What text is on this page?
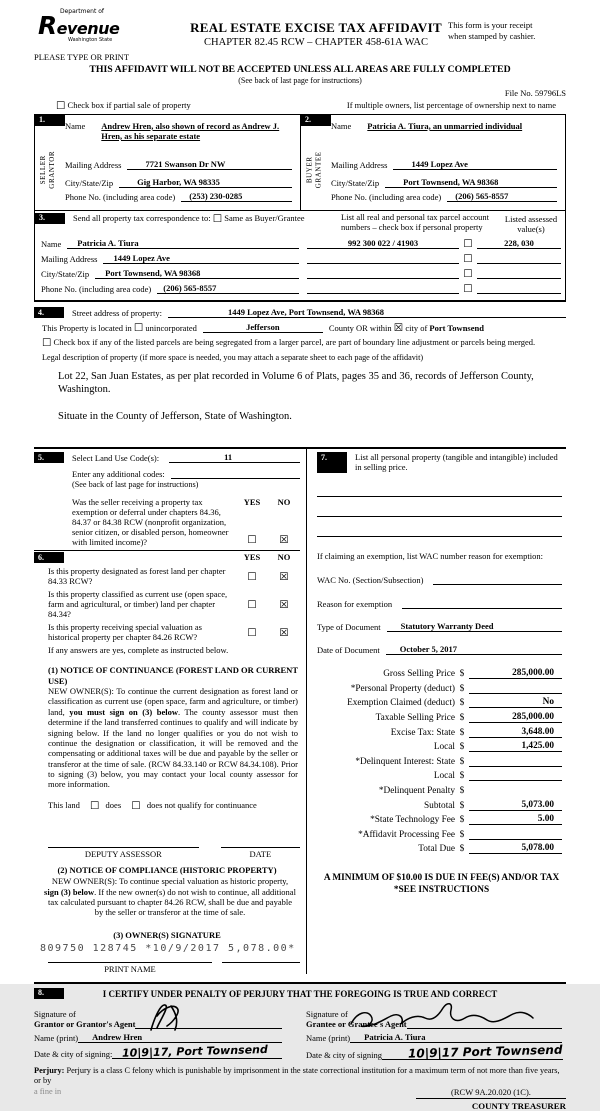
Department of
Revenue
Washington State
PLEASE TYPE OR PRINT
REAL ESTATE EXCISE TAX AFFIDAVIT
CHAPTER 82.45 RCW – CHAPTER 458-61A WAC
This form is your receipt
when stamped by cashier.
THIS AFFIDAVIT WILL NOT BE ACCEPTED UNLESS ALL AREAS ARE FULLY COMPLETED
(See back of last page for instructions)
File No. 59796LS
☐ Check box if partial sale of property	If multiple owners, list percentage of ownership next to name
1.
SELLER
GRANTOR
Name	Andrew Hren, also shown of record as Andrew J. Hren, as his separate estate
Mailing Address	7721 Swanson Dr NW
City/State/Zip	Gig Harbor, WA 98335
Phone No. (including area code)	(253) 230-0285
2.
BUYER
GRANTEE
Name	Patricia A. Tiura, an unmarried individual
Mailing Address	1449 Lopez Ave
City/State/Zip	Port Townsend, WA 98368
Phone No. (including area code)	(206) 565-8557
3.	Send all property tax correspondence to: ☐ Same as Buyer/Grantee	List all real and personal tax parcel account numbers – check box if personal property
Listed assessed value(s)
Name	Patricia A. Tiura	992 300 022 / 41903	☐	228, 030
Mailing Address	1449 Lopez Ave	☐
City/State/Zip	Port Townsend, WA 98368	☐
Phone No. (including area code)	(206) 565-8557	☐
4.	Street address of property:	1449 Lopez Ave, Port Townsend, WA 98368
This Property is located in
☐
unincorporated	Jefferson	County OR within
☒
city of
Port Townsend
☐ Check box if any of the listed parcels are being segregated from a larger parcel, are part of boundary line adjustment or parcels being merged.
Legal description of property (if more space is needed, you may attach a separate sheet to each page of the affidavit)
Lot 22, San Juan Estates, as per plat recorded in Volume 6 of Plats, pages 35 and 36, records of Jefferson County, Washington.
Situate in the County of Jefferson, State of Washington.
5.	Select Land Use Code(s):	11
Enter any additional codes:
(See back of last page for instructions)
Was the seller receiving a property tax exemption or deferral under chapters 84.36, 84.37 or 84.38 RCW (nonprofit organization, senior citizen, or disabled person, homeowner with limited income)?
YES	NO
☐	☒
6.	YES	NO
Is this property designated as forest land per chapter 84.33 RCW?	☐	☒
Is this property classified as current use (open space, farm and agricultural, or timber) land per chapter 84.34?
☐	☒
Is this property receiving special valuation as historical property per chapter 84.26 RCW?	☐	☒
If any answers are yes, complete as instructed below.
(1) NOTICE OF CONTINUANCE (FOREST LAND OR CURRENT USE)
NEW OWNER(S): To continue the current designation as forest land or classification as current use (open space, farm and agriculture, or timber) land, you must sign on (3) below. The county assessor must then determine if the land transferred continues to qualify and will indicate by signing below. If the land no longer qualifies or you do not wish to continue the designation or classification, it will be removed and the compensating or additional taxes will be due and payable by the seller or transferor at the time of sale. (RCW 84.33.140 or RCW 84.34.108). Prior to signing (3) below, you may contact your local county assessor for more information.
This land ☐ does ☐ does not qualify for continuance
DEPUTY ASSESSOR	DATE
(2) NOTICE OF COMPLIANCE (HISTORIC PROPERTY)
NEW OWNER(S): To continue special valuation as historic property, sign (3) below. If the new owner(s) do not wish to continue, all additional tax calculated pursuant to chapter 84.26 RCW, shall be due and payable by the seller or transferor at the time of sale.
(3) OWNER(S) SIGNATURE
PRINT NAME
7.	List all personal property (tangible and intangible) included in selling price.
If claiming an exemption, list WAC number reason for exemption:
WAC No. (Section/Subsection)
Reason for exemption
Type of Document	Statutory Warranty Deed
Date of Document	October 5, 2017
Gross Selling Price $	285,000.00
*Personal Property (deduct) $
Exemption Claimed (deduct) $	No
Taxable Selling Price $	285,000.00
Excise Tax: State $	3,648.00
Local $	1,425.00
*Delinquent Interest: State $
Local $
*Delinquent Penalty $
Subtotal $	5,073.00
*State Technology Fee $	5.00
*Affidavit Processing Fee $
Total Due $	5,078.00
A MINIMUM OF $10.00 IS DUE IN FEE(S) AND/OR TAX
*SEE INSTRUCTIONS
8.	I CERTIFY UNDER PENALTY OF PERJURY THAT THE FOREGOING IS TRUE AND CORRECT
Signature of
Grantor or Grantor's Agent
Name (print)	Andrew Hren
Date & city of signing: 10|9|17, Port Townsend
Signature of
Grantee or Grantee's Agent
Name (print)	Patricia A. Tiura
Date & city of signing	10|9|17 Port Townsend
Perjury: Perjury is a class C felony which is punishable by imprisonment in the state correctional institution for a maximum term of not more than five years, or by
a fine in	(RCW 9A.20.020 (1C).
COUNTY TREASURER
809750 128745 *10/9/2017 5,078.00*
